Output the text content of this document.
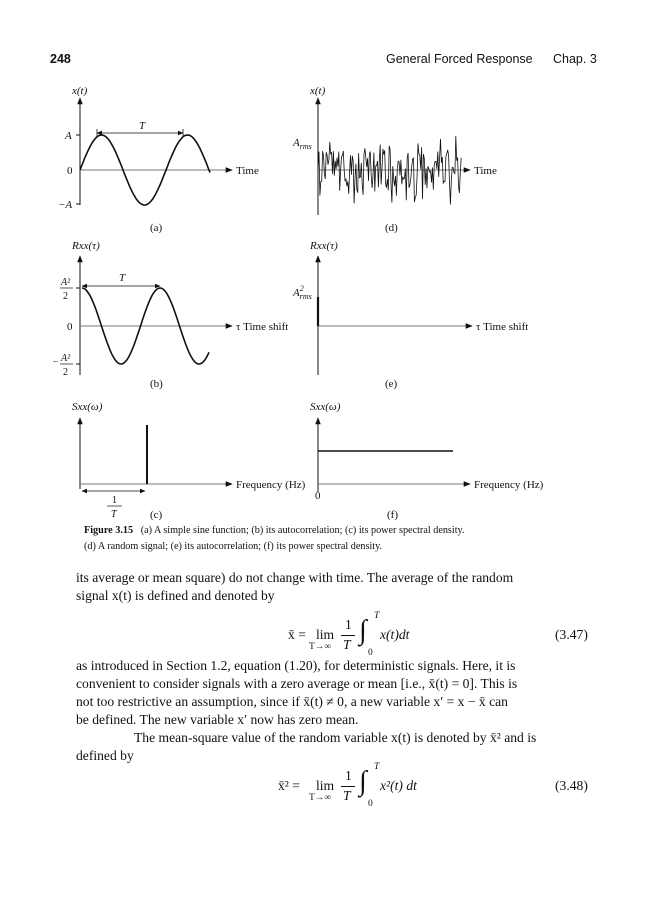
248	General Forced Response Chap. 3
x(t)
A
0
−A
T
Time
(a)
x(t)
$A_{rms}$
Time
(d)
Rxx(τ)
A²
2
0
− A²
2
T
τ Time shift
(b)
Rxx(τ)
$A^2$ rms
τ Time shift
(e)
Sxx(ω)
1
T
Frequency (Hz)
(c)
Sxx(ω)
0
Frequency (Hz)
(f)
Figure 3.15 (a) A simple sine function; (b) its autocorrelation; (c) its power spectral density.
(d) A random signal; (e) its autocorrelation; (f) its power spectral density.
its average or mean square) do not change with time. The average of the random
signal x(t) is defined and denoted by
x̄ = lim
T→∞
1
T ∫ T
0
x(t)dt	(3.47)
as introduced in Section 1.2, equation (1.20), for deterministic signals. Here, it is
convenient to consider signals with a zero average or mean [i.e., x̄(t) = 0]. This is
not too restrictive an assumption, since if x̄(t) ≠ 0, a new variable x′ = x − x̄ can
be defined. The new variable x′ now has zero mean.
The mean-square value of the random variable x(t) is denoted by x̄² and is
defined by
x̄² = lim
T→∞
1
T ∫ T
0
x²(t) dt	(3.48)
